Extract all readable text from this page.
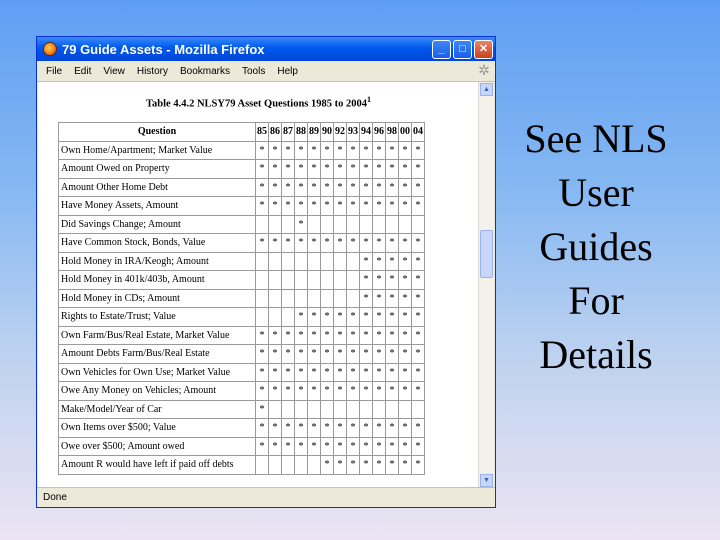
79 Guide Assets - Mozilla Firefox	_	□	✕
File Edit View History Bookmarks Tools Help	✲
Table 4.4.2 NLSY79 Asset Questions 1985 to 2004$^1$
Question	85	86	87	88	89	90	92	93	94	96	98	00	04
Own Home/Apartment; Market Value	*	*	*	*	*	*	*	*	*	*	*	*	*
Amount Owed on Property	*	*	*	*	*	*	*	*	*	*	*	*	*
Amount Other Home Debt	*	*	*	*	*	*	*	*	*	*	*	*	*
Have Money Assets, Amount	*	*	*	*	*	*	*	*	*	*	*	*	*
Did Savings Change; Amount				*									
Have Common Stock, Bonds, Value	*	*	*	*	*	*	*	*	*	*	*	*	*
Hold Money in IRA/Keogh; Amount									*	*	*	*	*
Hold Money in 401k/403b, Amount									*	*	*	*	*
Hold Money in CDs; Amount									*	*	*	*	*
Rights to Estate/Trust; Value				*	*	*	*	*	*	*	*	*	*
Own Farm/Bus/Real Estate, Market Value	*	*	*	*	*	*	*	*	*	*	*	*	*
Amount Debts Farm/Bus/Real Estate	*	*	*	*	*	*	*	*	*	*	*	*	*
Own Vehicles for Own Use; Market Value	*	*	*	*	*	*	*	*	*	*	*	*	*
Owe Any Money on Vehicles; Amount	*	*	*	*	*	*	*	*	*	*	*	*	*
Make/Model/Year of Car	*												
Own Items over $500; Value	*	*	*	*	*	*	*	*	*	*	*	*	*
Owe over $500; Amount owed	*	*	*	*	*	*	*	*	*	*	*	*	*
Amount R would have left if paid off debts						*	*	*	*	*	*	*	*
▲
▼
Done
See NLS
User
Guides
For
Details
